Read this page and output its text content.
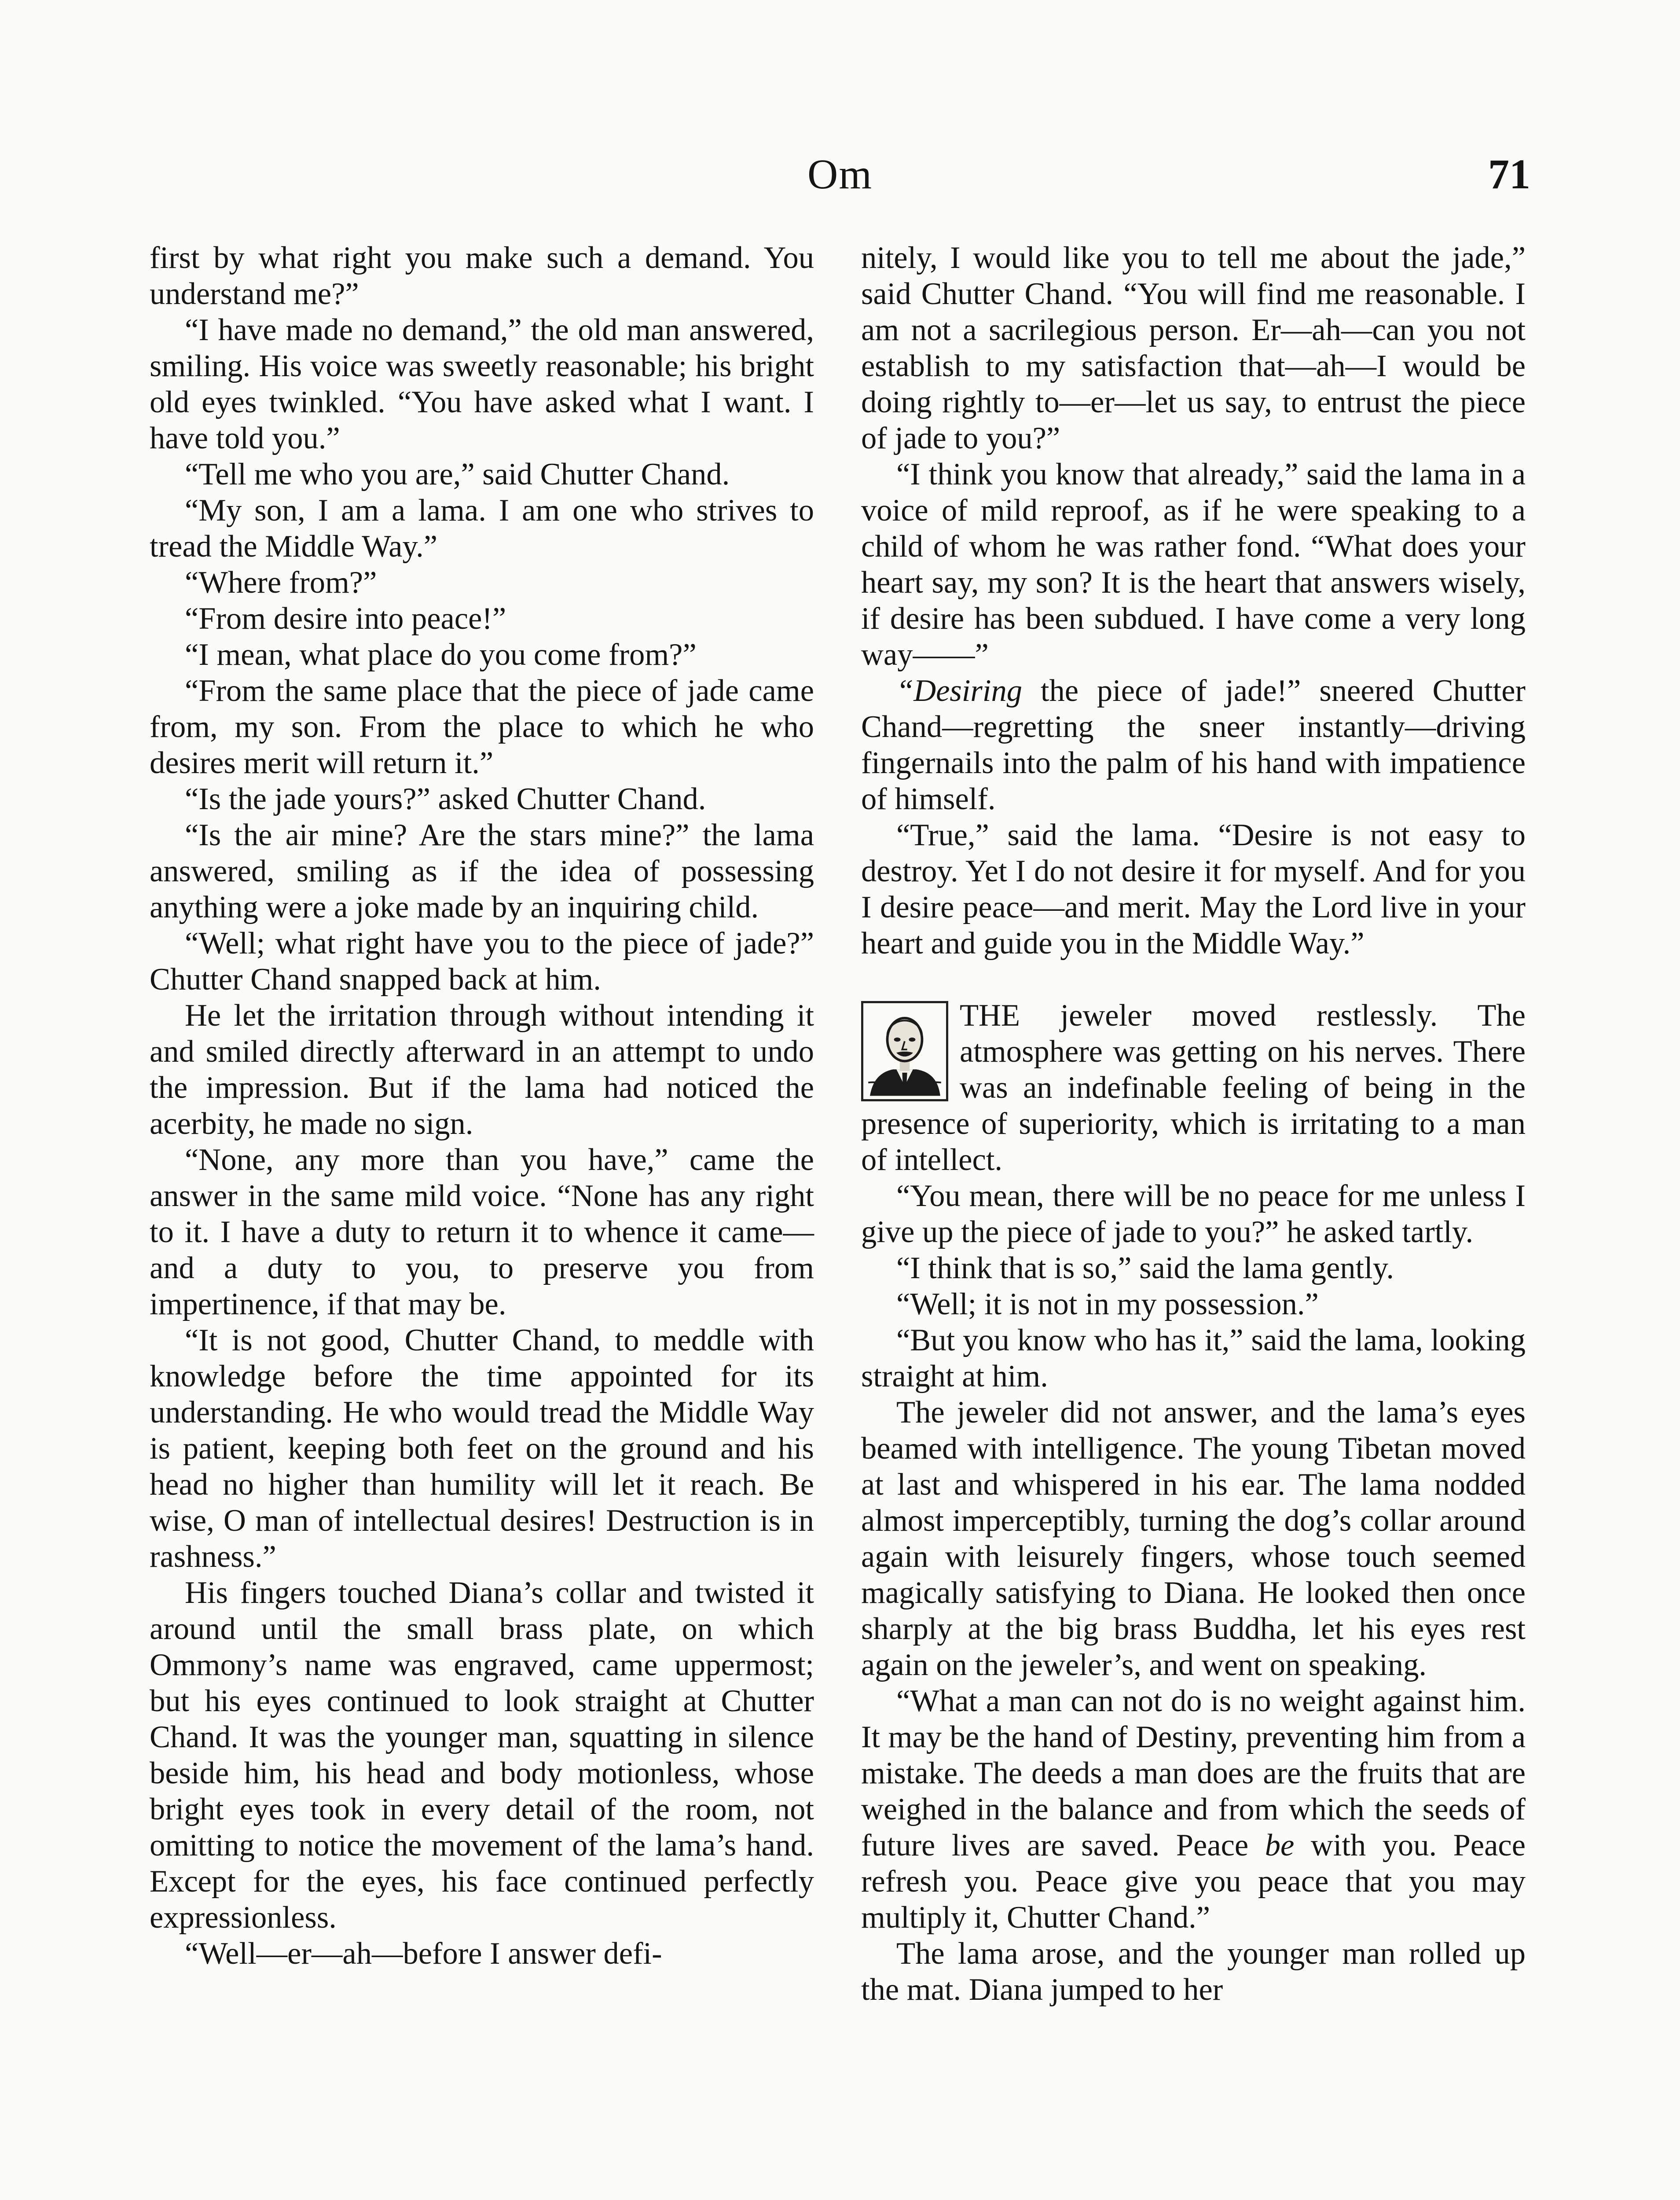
Om	71

first by what right you make such a demand. You understand me?”

“I have made no demand,” the old man answered, smiling. His voice was sweetly reasonable; his bright old eyes twinkled. “You have asked what I want. I have told you.”

“Tell me who you are,” said Chutter Chand.

“My son, I am a lama. I am one who strives to tread the Middle Way.”

“Where from?”

“From desire into peace!”

“I mean, what place do you come from?”

“From the same place that the piece of jade came from, my son. From the place to which he who desires merit will return it.”

“Is the jade yours?” asked Chutter Chand.

“Is the air mine? Are the stars mine?” the lama answered, smiling as if the idea of possessing anything were a joke made by an inquiring child.

“Well; what right have you to the piece of jade?” Chutter Chand snapped back at him.

He let the irritation through without intending it and smiled directly afterward in an attempt to undo the impression. But if the lama had noticed the acerbity, he made no sign.

“None, any more than you have,” came the answer in the same mild voice. “None has any right to it. I have a duty to return it to whence it came—and a duty to you, to preserve you from impertinence, if that may be.

“It is not good, Chutter Chand, to meddle with knowledge before the time appointed for its understanding. He who would tread the Middle Way is patient, keeping both feet on the ground and his head no higher than humility will let it reach. Be wise, O man of intellectual desires! Destruction is in rashness.”

His fingers touched Diana’s collar and twisted it around until the small brass plate, on which Ommony’s name was engraved, came uppermost; but his eyes continued to look straight at Chutter Chand. It was the younger man, squatting in silence beside him, his head and body motionless, whose bright eyes took in every detail of the room, not omitting to notice the movement of the lama’s hand. Except for the eyes, his face continued perfectly expressionless.

“Well—er—ah—before I answer defi-

nitely, I would like you to tell me about the jade,” said Chutter Chand. “You will find me reasonable. I am not a sacrilegious person. Er—ah—can you not establish to my satisfaction that—ah—I would be doing rightly to—er—let us say, to entrust the piece of jade to you?”

“I think you know that already,” said the lama in a voice of mild reproof, as if he were speaking to a child of whom he was rather fond. “What does your heart say, my son? It is the heart that answers wisely, if desire has been subdued. I have come a very long way——”

“Desiring the piece of jade!” sneered Chutter Chand—regretting the sneer instantly—driving fingernails into the palm of his hand with impatience of himself.

“True,” said the lama. “Desire is not easy to destroy. Yet I do not desire it for myself. And for you I desire peace—and merit. May the Lord live in your heart and guide you in the Middle Way.”

THE jeweler moved restlessly. The atmosphere was getting on his nerves. There was an indefinable feeling of being in the presence of superiority, which is irritating to a man of intellect.

“You mean, there will be no peace for me unless I give up the piece of jade to you?” he asked tartly.

“I think that is so,” said the lama gently.

“Well; it is not in my possession.”

“But you know who has it,” said the lama, looking straight at him.

The jeweler did not answer, and the lama’s eyes beamed with intelligence. The young Tibetan moved at last and whispered in his ear. The lama nodded almost imperceptibly, turning the dog’s collar around again with leisurely fingers, whose touch seemed magically satisfying to Diana. He looked then once sharply at the big brass Buddha, let his eyes rest again on the jeweler’s, and went on speaking.

“What a man can not do is no weight against him. It may be the hand of Destiny, preventing him from a mistake. The deeds a man does are the fruits that are weighed in the balance and from which the seeds of future lives are saved. Peace be with you. Peace refresh you. Peace give you peace that you may multiply it, Chutter Chand.”

The lama arose, and the younger man rolled up the mat. Diana jumped to her
